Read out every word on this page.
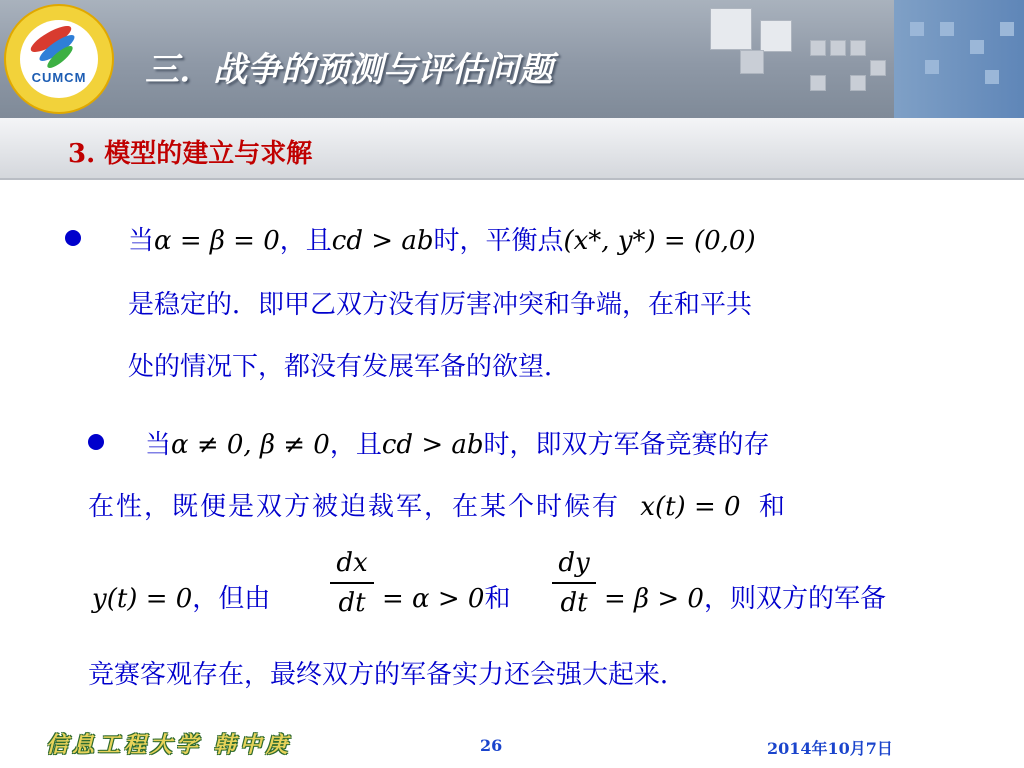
CUMCM	三．战争的预测与评估问题
3. 模型的建立与求解
当α = β = 0，且cd > ab时，平衡点(x*, y*) = (0,0)
是稳定的．即甲乙双方没有厉害冲突和争端，在和平共
处的情况下，都没有发展军备的欲望．
当α ≠ 0, β ≠ 0，且cd > ab时，即双方军备竞赛的存
在性，既便是双方被迫裁军，在某个时候有 x(t) = 0 和
y(t) = 0，但由
dx
dt = α > 0和
dy
dt = β > 0，则双方的军备
竞赛客观存在，最终双方的军备实力还会强大起来．
信息工程大学 韩中庚	26	2014年10月7日
